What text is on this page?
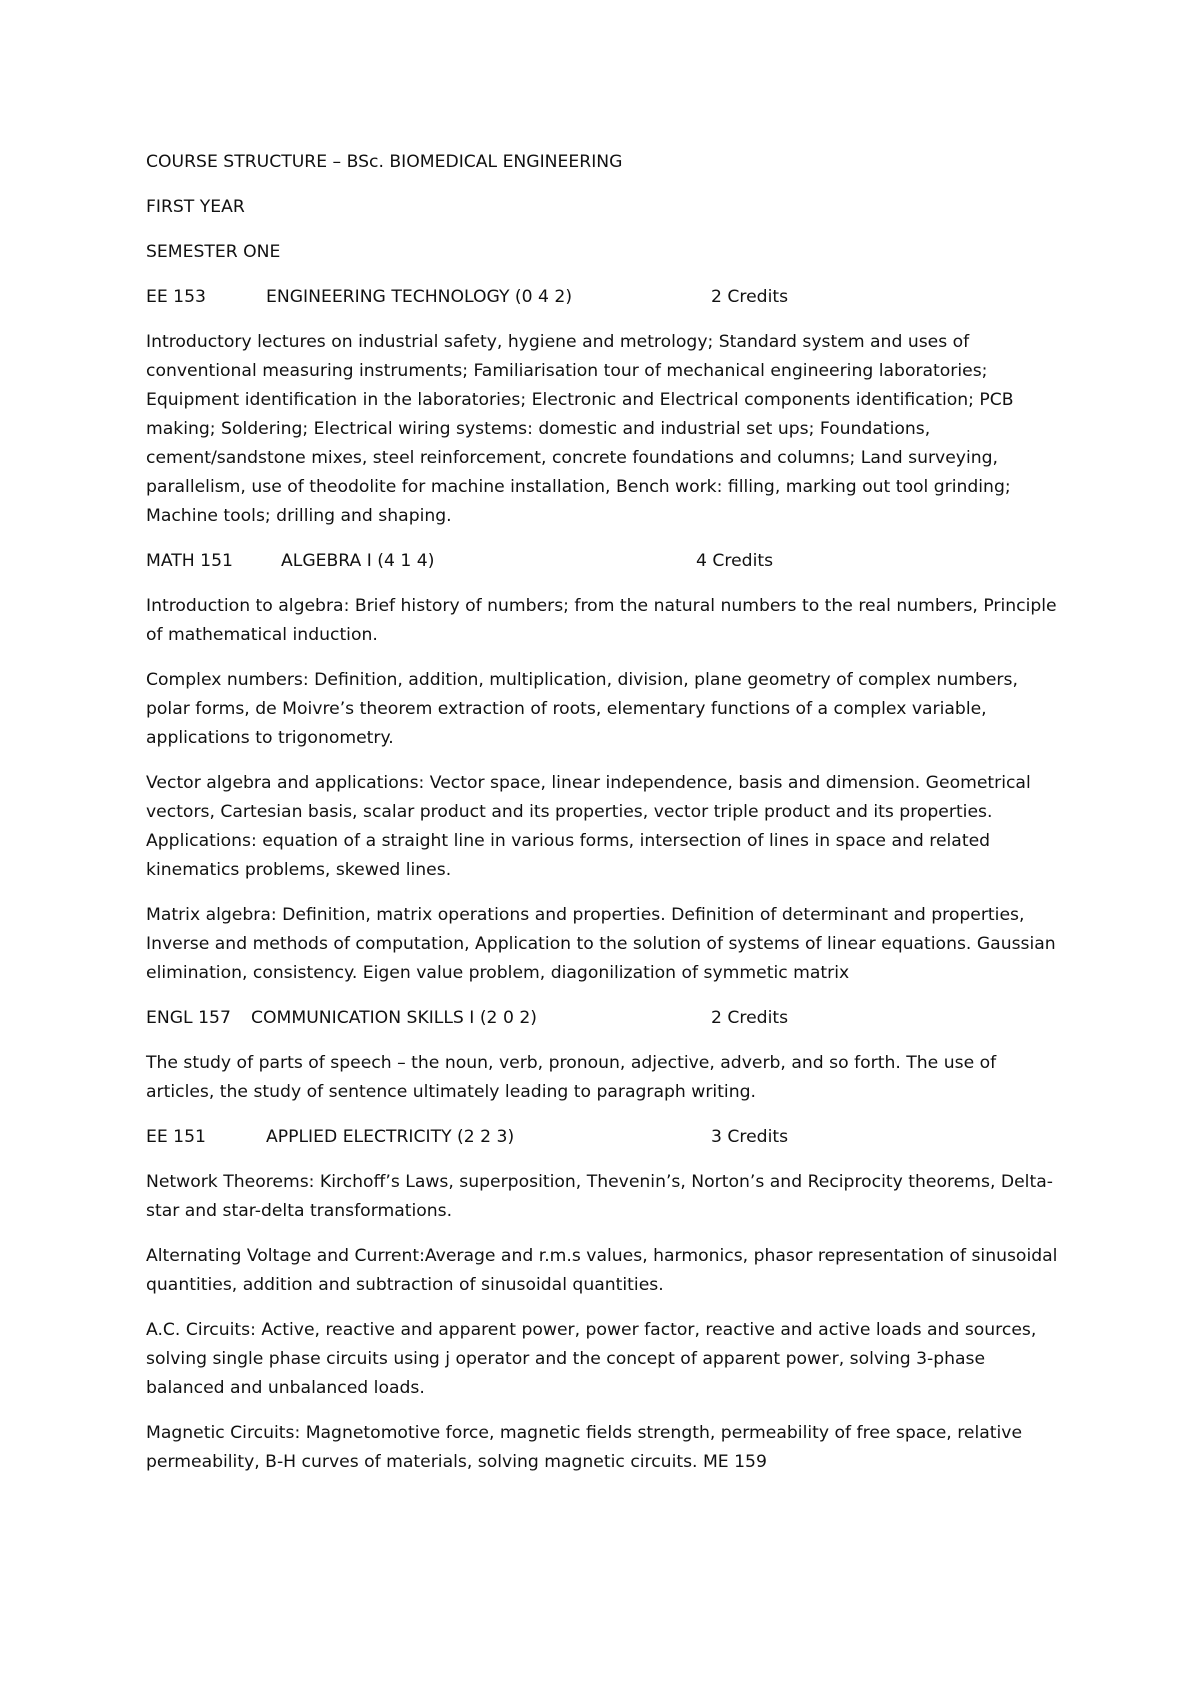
COURSE STRUCTURE – BSc. BIOMEDICAL ENGINEERING

FIRST YEAR

SEMESTER ONE

EE 153	ENGINEERING TECHNOLOGY (0 4 2)	2 Credits

Introductory lectures on industrial safety, hygiene and metrology; Standard system and uses of conventional measuring instruments; Familiarisation tour of mechanical engineering laboratories; Equipment identification in the laboratories; Electronic and Electrical components identification; PCB making; Soldering; Electrical wiring systems: domestic and industrial set ups; Foundations, cement/sandstone mixes, steel reinforcement, concrete foundations and columns; Land surveying, parallelism, use of theodolite for machine installation, Bench work: filling, marking out tool grinding; Machine tools; drilling and shaping.

MATH 151	ALGEBRA I (4 1 4)	4 Credits

Introduction to algebra: Brief history of numbers; from the natural numbers to the real numbers, Principle of mathematical induction.

Complex numbers: Definition, addition, multiplication, division, plane geometry of complex numbers, polar forms, de Moivre’s theorem extraction of roots, elementary functions of a complex variable, applications to trigonometry.

Vector algebra and applications: Vector space, linear independence, basis and dimension. Geometrical vectors, Cartesian basis, scalar product and its properties, vector triple product and its properties. Applications: equation of a straight line in various forms, intersection of lines in space and related kinematics problems, skewed lines.

Matrix algebra: Definition, matrix operations and properties. Definition of determinant and properties, Inverse and methods of computation, Application to the solution of systems of linear equations. Gaussian elimination, consistency. Eigen value problem, diagonilization of symmetic matrix

ENGL 157 COMMUNICATION SKILLS I (2 0 2)	2 Credits

The study of parts of speech – the noun, verb, pronoun, adjective, adverb, and so forth. The use of articles, the study of sentence ultimately leading to paragraph writing.

EE 151	APPLIED ELECTRICITY (2 2 3)	3 Credits

Network Theorems: Kirchoff’s Laws, superposition, Thevenin’s, Norton’s and Reciprocity theorems, Delta-star and star-delta transformations.

Alternating Voltage and Current:Average and r.m.s values, harmonics, phasor representation of sinusoidal quantities, addition and subtraction of sinusoidal quantities.

A.C. Circuits: Active, reactive and apparent power, power factor, reactive and active loads and sources, solving single phase circuits using j operator and the concept of apparent power, solving 3-phase balanced and unbalanced loads.

Magnetic Circuits: Magnetomotive force, magnetic fields strength, permeability of free space, relative permeability, B-H curves of materials, solving magnetic circuits. ME 159
